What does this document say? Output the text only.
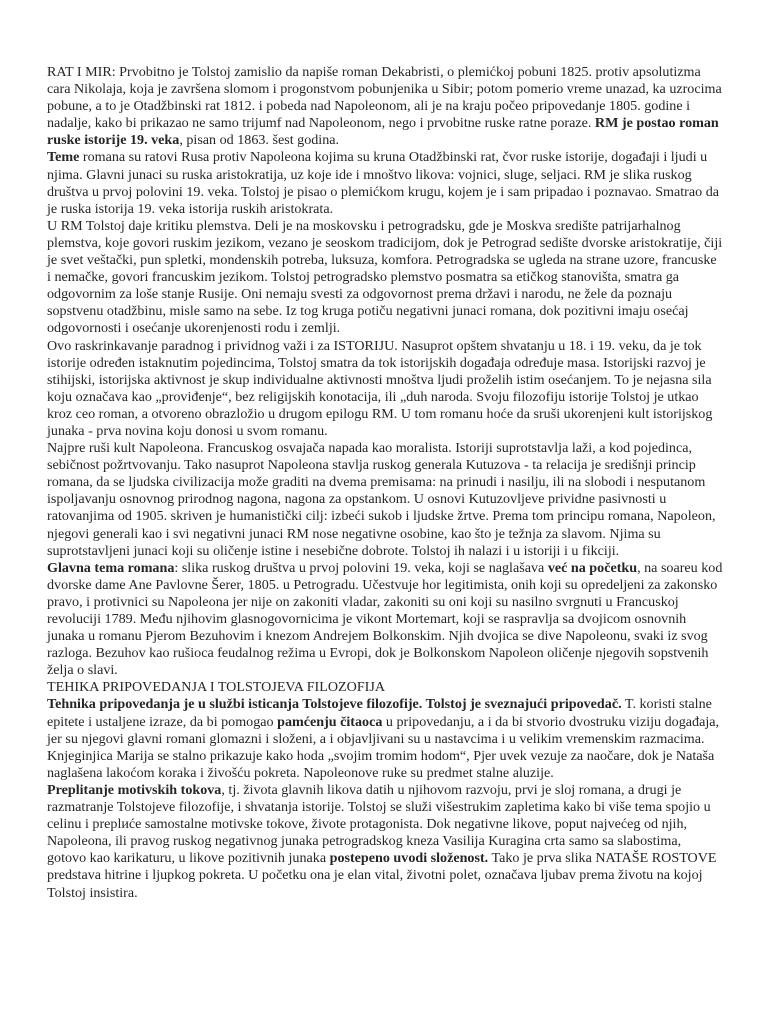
RAT I MIR: Prvobitno je Tolstoj zamislio da napiše roman Dekabristi, o plemićkoj pobuni 1825. protiv apsolutizma cara Nikolaja, koja je završena slomom i progonstvom pobunjenika u Sibir; potom pomerio vreme unazad, ka uzrocima pobune, a to je Otadžbinski rat 1812. i pobeda nad Napoleonom, ali je na kraju počeo pripovedanje 1805. godine i nadalje, kako bi prikazao ne samo trijumf nad Napoleonom, nego i prvobitne ruske ratne poraze. RM je postao roman ruske istorije 19. veka, pisan od 1863. šest godina.

Teme romana su ratovi Rusa protiv Napoleona kojima su kruna Otadžbinski rat, čvor ruske istorije, događaji i ljudi u njima. Glavni junaci su ruska aristokratija, uz koje ide i mnoštvo likova: vojnici, sluge, seljaci. RM je slika ruskog društva u prvoj polovini 19. veka. Tolstoj je pisao o plemićkom krugu, kojem je i sam pripadao i poznavao. Smatrao da je ruska istorija 19. veka istorija ruskih aristokrata.

U RM Tolstoj daje kritiku plemstva. Deli je na moskovsku i petrogradsku, gde je Moskva središte patrijarhalnog plemstva, koje govori ruskim jezikom, vezano je seoskom tradicijom, dok je Petrograd sedište dvorske aristokratije, čiji je svet veštački, pun spletki, mondenskih potreba, luksuza, komfora. Petrogradska se ugleda na strane uzore, francuske i nemačke, govori francuskim jezikom. Tolstoj petrogradsko plemstvo posmatra sa etičkog stanovišta, smatra ga odgovornim za loše stanje Rusije. Oni nemaju svesti za odgovornost prema državi i narodu, ne žele da poznaju sopstvenu otadžbinu, misle samo na sebe. Iz tog kruga potiču negativni junaci romana, dok pozitivni imaju osećaj odgovornosti i osećanje ukorenjenosti rodu i zemlji.

Ovo raskrinkavanje paradnog i prividnog važi i za ISTORIJU. Nasuprot opštem shvatanju u 18. i 19. veku, da je tok istorije određen istaknutim pojedincima, Tolstoj smatra da tok istorijskih događaja određuje masa. Istorijski razvoj je stihijski, istorijska aktivnost je skup individualne aktivnosti mnoštva ljudi proželih istim osećanjem. To je nejasna sila koju označava kao „proviđenje“, bez religijskih konotacija, ili „duh naroda. Svoju filozofiju istorije Tolstoj je utkao kroz ceo roman, a otvoreno obrazložio u drugom epilogu RM. U tom romanu hoće da sruši ukorenjeni kult istorijskog junaka - prva novina koju donosi u svom romanu.

Najpre ruši kult Napoleona. Francuskog osvajača napada kao moralista. Istoriji suprotstavlja laži, a kod pojedinca, sebičnost požrtvovanju. Tako nasuprot Napoleona stavlja ruskog generala Kutuzova - ta relacija je središnji princip romana, da se ljudska civilizacija može graditi na dvema premisama: na prinudi i nasilju, ili na slobodi i nesputanom ispoljavanju osnovnog prirodnog nagona, nagona za opstankom. U osnovi Kutuzovljeve prividne pasivnosti u ratovanjima od 1905. skriven je humanistički cilj: izbeći sukob i ljudske žrtve. Prema tom principu romana, Napoleon, njegovi generali kao i svi negativni junaci RM nose negativne osobine, kao što je težnja za slavom. Njima su suprotstavljeni junaci koji su oličenje istine i nesebične dobrote. Tolstoj ih nalazi i u istoriji i u fikciji.

Glavna tema romana: slika ruskog društva u prvoj polovini 19. veka, koji se naglašava već na početku, na soareu kod dvorske dame Ane Pavlovne Šerer, 1805. u Petrogradu. Učestvuje hor legitimista, onih koji su opredeljeni za zakonsko pravo, i protivnici su Napoleona jer nije on zakoniti vladar, zakoniti su oni koji su nasilno svrgnuti u Francuskoj revoluciji 1789. Među njihovim glasnogovornicima je vikont Mortemart, koji se raspravlja sa dvojicom osnovnih junaka u romanu Pjerom Bezuhovim i knezom Andrejem Bolkonskim. Njih dvojica se dive Napoleonu, svaki iz svog razloga. Bezuhov kao rušioca feudalnog režima u Evropi, dok je Bolkonskom Napoleon oličenje njegovih sopstvenih želja o slavi.

TEHIKA PRIPOVEDANJA I TOLSTOJEVA FILOZOFIJA

Tehnika pripovedanja je u službi isticanja Tolstojeve filozofije. Tolstoj je sveznajući pripovedač. T. koristi stalne epitete i ustaljene izraze, da bi pomogao pamćenju čitaoca u pripovedanju, a i da bi stvorio dvostruku viziju događaja, jer su njegovi glavni romani glomazni i složeni, a i objavljivani su u nastavcima i u velikim vremenskim razmacima. Knjeginjica Marija se stalno prikazuje kako hoda „svojim tromim hodom“, Pjer uvek vezuje za naočare, dok je Nataša naglašena lakoćom koraka i živošću pokreta. Napoleonove ruke su predmet stalne aluzije.

Preplitanje motivskih tokova, tj. života glavnih likova datih u njihovom razvoju, prvi je sloj romana, a drugi je razmatranje Tolstojeve filozofije, i shvatanja istorije. Tolstoj se služi višestrukim zapletima kako bi više tema spojio u celinu i preplиće samostalne motivske tokove, živote protagonista. Dok negativne likove, poput najvećeg od njih, Napoleona, ili pravog ruskog negativnog junaka petrogradskog kneza Vasilija Kuragina crta samo sa slabostima, gotovo kao karikaturu, u likove pozitivnih junaka postepeno uvodi složenost. Tako je prva slika NATAŠE ROSTOVE predstava hitrine i ljupkog pokreta. U početku ona je elan vital, životni polet, označava ljubav prema životu na kojoj Tolstoj insistira.
